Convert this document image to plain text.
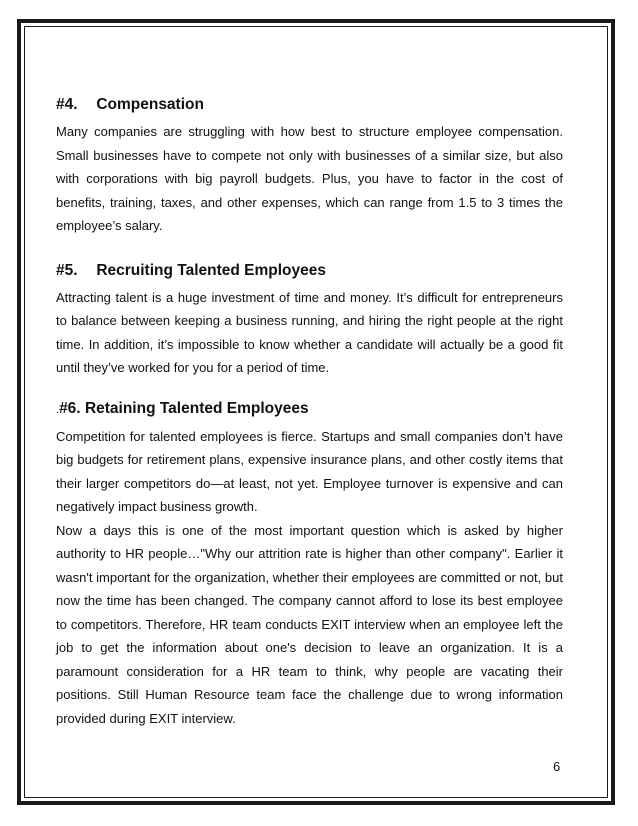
#4. Compensation

Many companies are struggling with how best to structure employee compensation. Small businesses have to compete not only with businesses of a similar size, but also with corporations with big payroll budgets. Plus, you have to factor in the cost of benefits, training, taxes, and other expenses, which can range from 1.5 to 3 times the employee’s salary.

#5. Recruiting Talented Employees

Attracting talent is a huge investment of time and money. It’s difficult for entrepreneurs to balance between keeping a business running, and hiring the right people at the right time. In addition, it’s impossible to know whether a candidate will actually be a good fit until they’ve worked for you for a period of time.

.#6. Retaining Talented Employees

Competition for talented employees is fierce. Startups and small companies don’t have big budgets for retirement plans, expensive insurance plans, and other costly items that their larger competitors do—at least, not yet. Employee turnover is expensive and can negatively impact business growth.

Now a days this is one of the most important question which is asked by higher authority to HR people…"Why our attrition rate is higher than other company". Earlier it wasn't important for the organization, whether their employees are committed or not, but now the time has been changed. The company cannot afford to lose its best employee to competitors. Therefore, HR team conducts EXIT interview when an employee left the job to get the information about one's decision to leave an organization. It is a paramount consideration for a HR team to think, why people are vacating their positions. Still Human Resource team face the challenge due to wrong information provided during EXIT interview.

6
